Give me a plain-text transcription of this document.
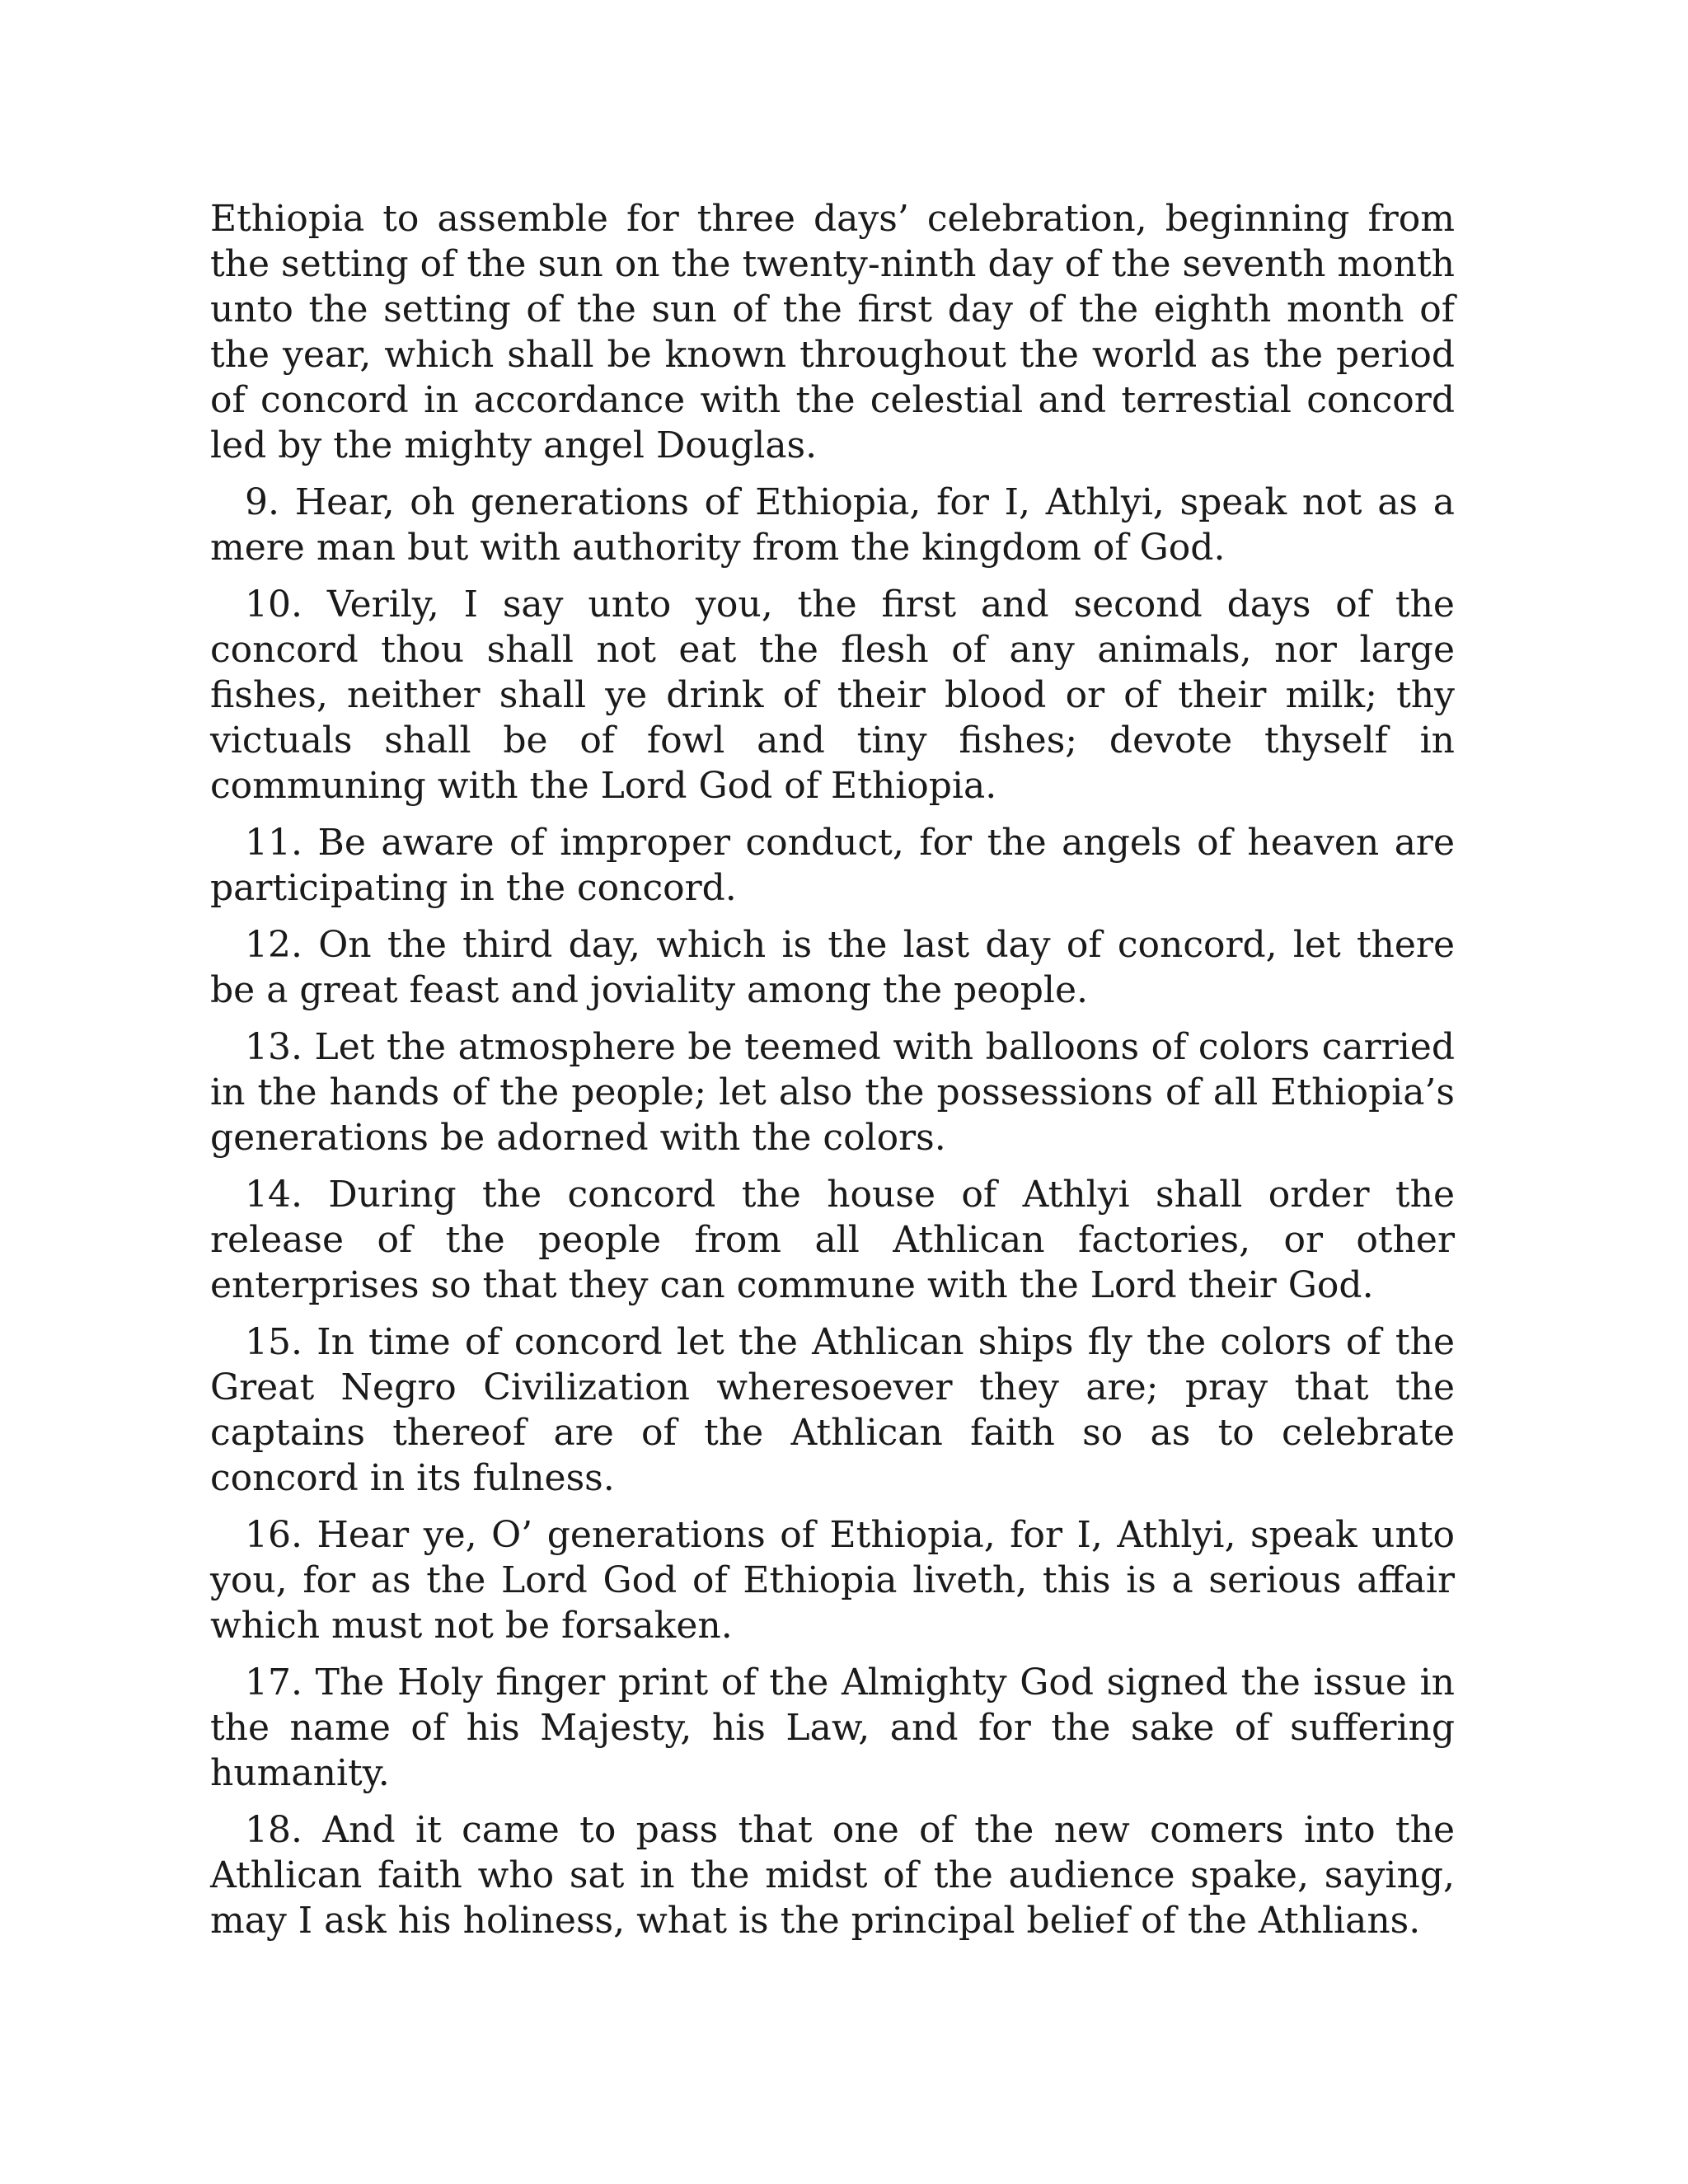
Ethiopia to assemble for three days’ celebration, beginning from the setting of the sun on the twenty-ninth day of the seventh month unto the setting of the sun of the first day of the eighth month of the year, which shall be known throughout the world as the period of concord in accordance with the celestial and terrestial concord led by the mighty angel Douglas.

9. Hear, oh generations of Ethiopia, for I, Athlyi, speak not as a mere man but with authority from the kingdom of God.

10. Verily, I say unto you, the first and second days of the concord thou shall not eat the flesh of any animals, nor large fishes, neither shall ye drink of their blood or of their milk; thy victuals shall be of fowl and tiny fishes; devote thyself in communing with the Lord God of Ethiopia.

11. Be aware of improper conduct, for the angels of heaven are participating in the concord.

12. On the third day, which is the last day of concord, let there be a great feast and joviality among the people.

13. Let the atmosphere be teemed with balloons of colors carried in the hands of the people; let also the possessions of all Ethiopia’s generations be adorned with the colors.

14. During the concord the house of Athlyi shall order the release of the people from all Athlican factories, or other enterprises so that they can commune with the Lord their God.

15. In time of concord let the Athlican ships fly the colors of the Great Negro Civilization wheresoever they are; pray that the captains thereof are of the Athlican faith so as to celebrate concord in its fulness.

16. Hear ye, O’ generations of Ethiopia, for I, Athlyi, speak unto you, for as the Lord God of Ethiopia liveth, this is a serious affair which must not be forsaken.

17. The Holy finger print of the Almighty God signed the issue in the name of his Majesty, his Law, and for the sake of suffering humanity.

18. And it came to pass that one of the new comers into the Athlican faith who sat in the midst of the audience spake, saying, may I ask his holiness, what is the principal belief of the Athlians.
